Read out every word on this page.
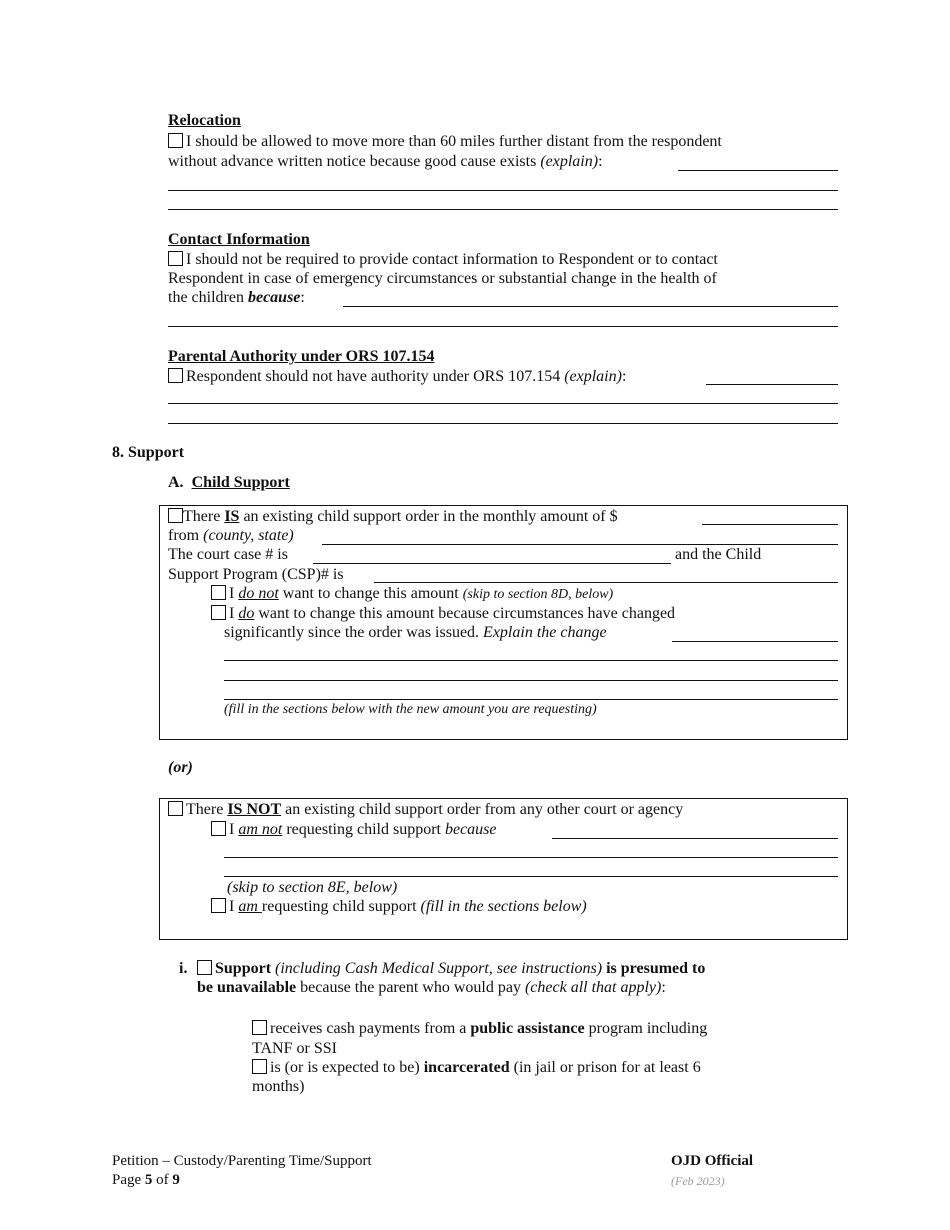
Relocation
I should be allowed to move more than 60 miles further distant from the respondent
without advance written notice because good cause exists (explain):
Contact Information
I should not be required to provide contact information to Respondent or to contact
Respondent in case of emergency circumstances or substantial change in the health of
the children because:
Parental Authority under ORS 107.154
Respondent should not have authority under ORS 107.154 (explain):
8. Support
A. Child Support
There IS an existing child support order in the monthly amount of $
from (county, state)
The court case # is	and the Child
Support Program (CSP)# is
I do not want to change this amount (skip to section 8D, below)
I do want to change this amount because circumstances have changed
significantly since the order was issued. Explain the change
(fill in the sections below with the new amount you are requesting)
(or)
There IS NOT an existing child support order from any other court or agency
I am not requesting child support because
(skip to section 8E, below)
I am requesting child support (fill in the sections below)
i.	Support (including Cash Medical Support, see instructions) is presumed to
be unavailable because the parent who would pay (check all that apply):
receives cash payments from a public assistance program including
TANF or SSI
is (or is expected to be) incarcerated (in jail or prison for at least 6
months)
Petition – Custody/Parenting Time/Support
Page 5 of 9
OJD Official
(Feb 2023)
